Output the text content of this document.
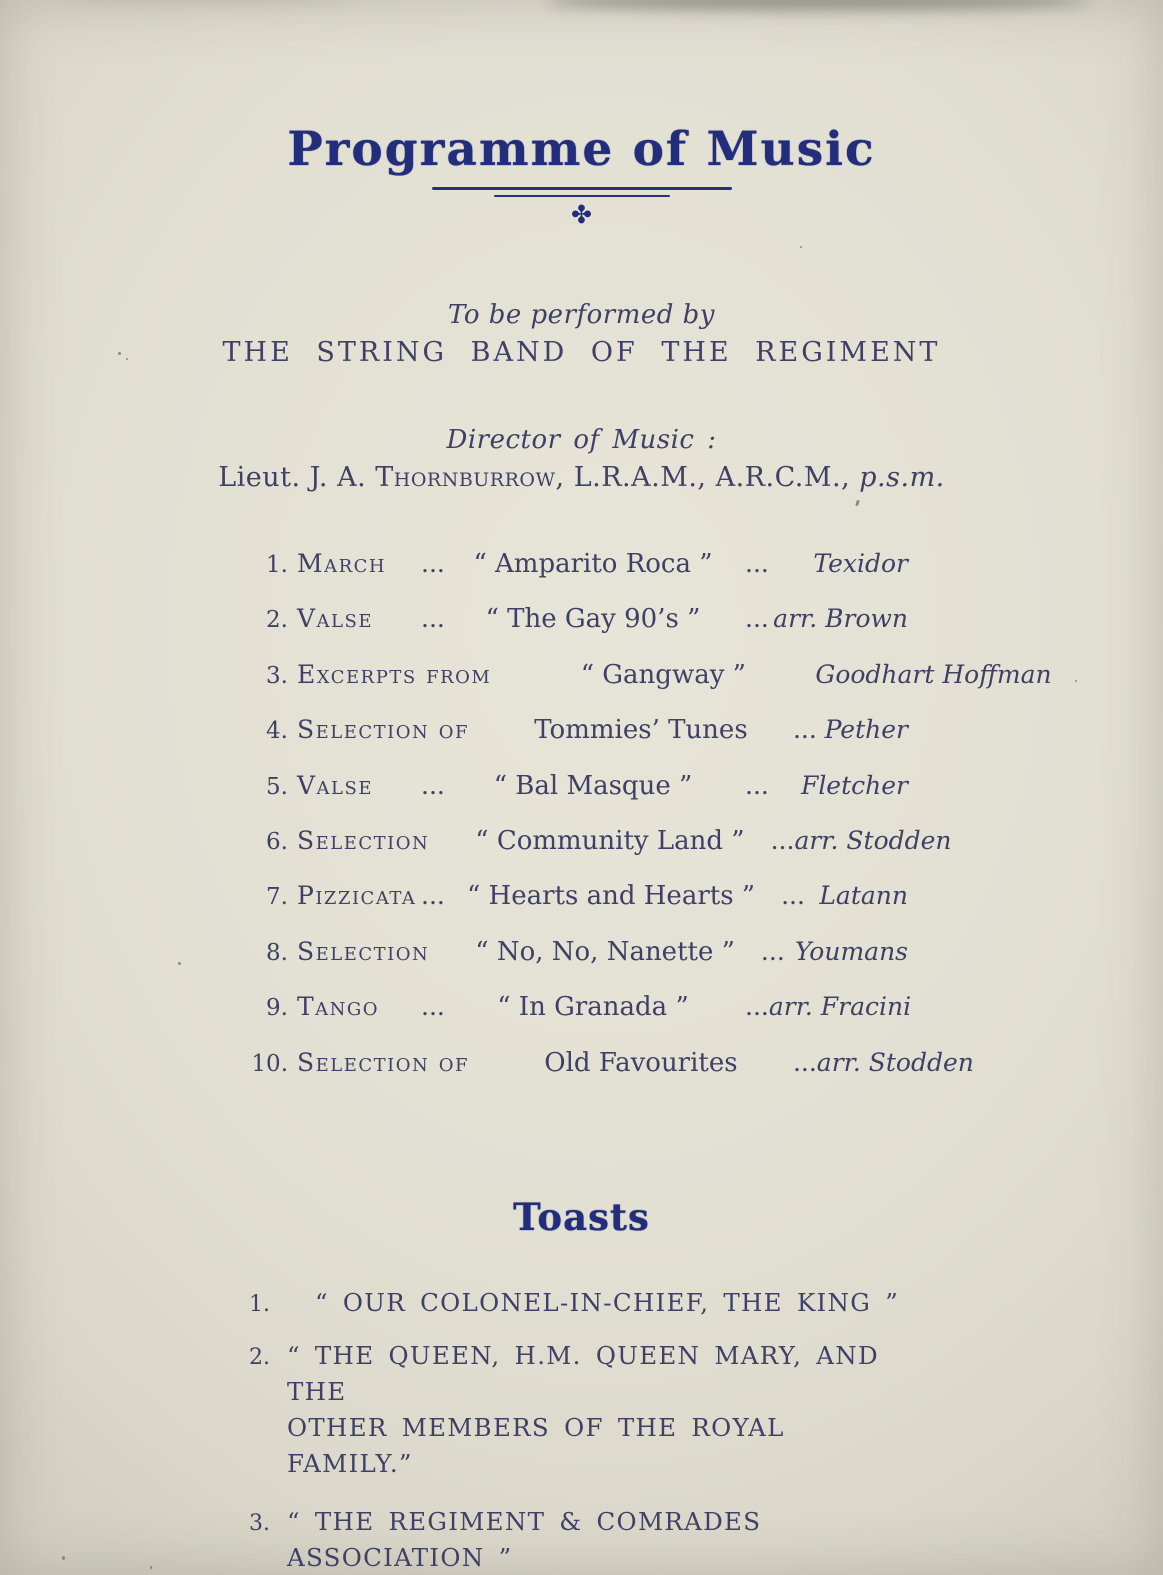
Programme of Music
✤
To be performed by
THE STRING BAND OF THE REGIMENT
Director of Music :
Lieut. J. A. Thornburrow, L.R.A.M., A.R.C.M., p.s.m.
1. March	...	“ Amparito Roca ” ... Texidor
2. Valse	...	“ The Gay 90’s ”	... arr. Brown
3. Excerpts from	“ Gangway ”	Goodhart Hoffman
4. Selection of	Tommies’ Tunes	... Pether
5. Valse	...	“ Bal Masque ”	... Fletcher
6. Selection “ Community Land ” ... arr. Stodden
7. Pizzicata ... “ Hearts and Hearts ” ... Latann
8. Selection “ No, No, Nanette ” ... Youmans
9. Tango	...	“ In Granada ”	... arr. Fracini
10. Selection of	Old Favourites	... arr. Stodden
Toasts
1. “ OUR COLONEL-IN-CHIEF, THE KING ”
2. “ THE QUEEN, H.M. QUEEN MARY, AND THE
OTHER MEMBERS OF THE ROYAL FAMILY.”
3. “ THE REGIMENT & COMRADES ASSOCIATION ”
